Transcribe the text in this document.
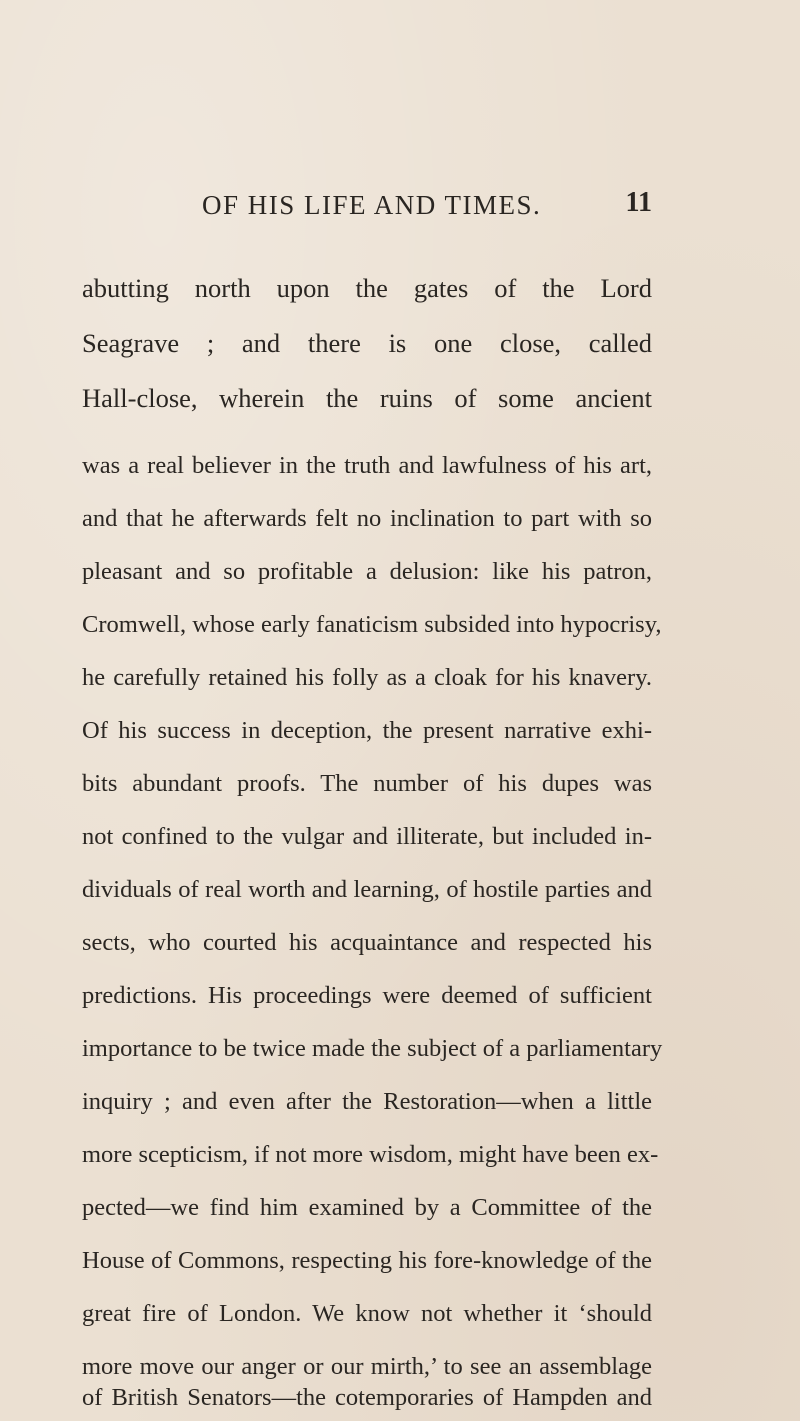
OF HIS LIFE AND TIMES.	11
abutting north upon the gates of the Lord
Seagrave ; and there is one close, called
Hall-close, wherein the ruins of some ancient
was a real believer in the truth and lawfulness of his art,
and that he afterwards felt no inclination to part with so
pleasant and so profitable a delusion: like his patron,
Cromwell, whose early fanaticism subsided into hypocrisy,
he carefully retained his folly as a cloak for his knavery.
Of his success in deception, the present narrative exhi-
bits abundant proofs. The number of his dupes was
not confined to the vulgar and illiterate, but included in-
dividuals of real worth and learning, of hostile parties and
sects, who courted his acquaintance and respected his
predictions. His proceedings were deemed of sufficient
importance to be twice made the subject of a parliamentary
inquiry ; and even after the Restoration—when a little
more scepticism, if not more wisdom, might have been ex-
pected—we find him examined by a Committee of the
House of Commons, respecting his fore-knowledge of the
great fire of London. We know not whether it ‘should
more move our anger or our mirth,’ to see an assemblage
of British Senators—the cotemporaries of Hampden and
